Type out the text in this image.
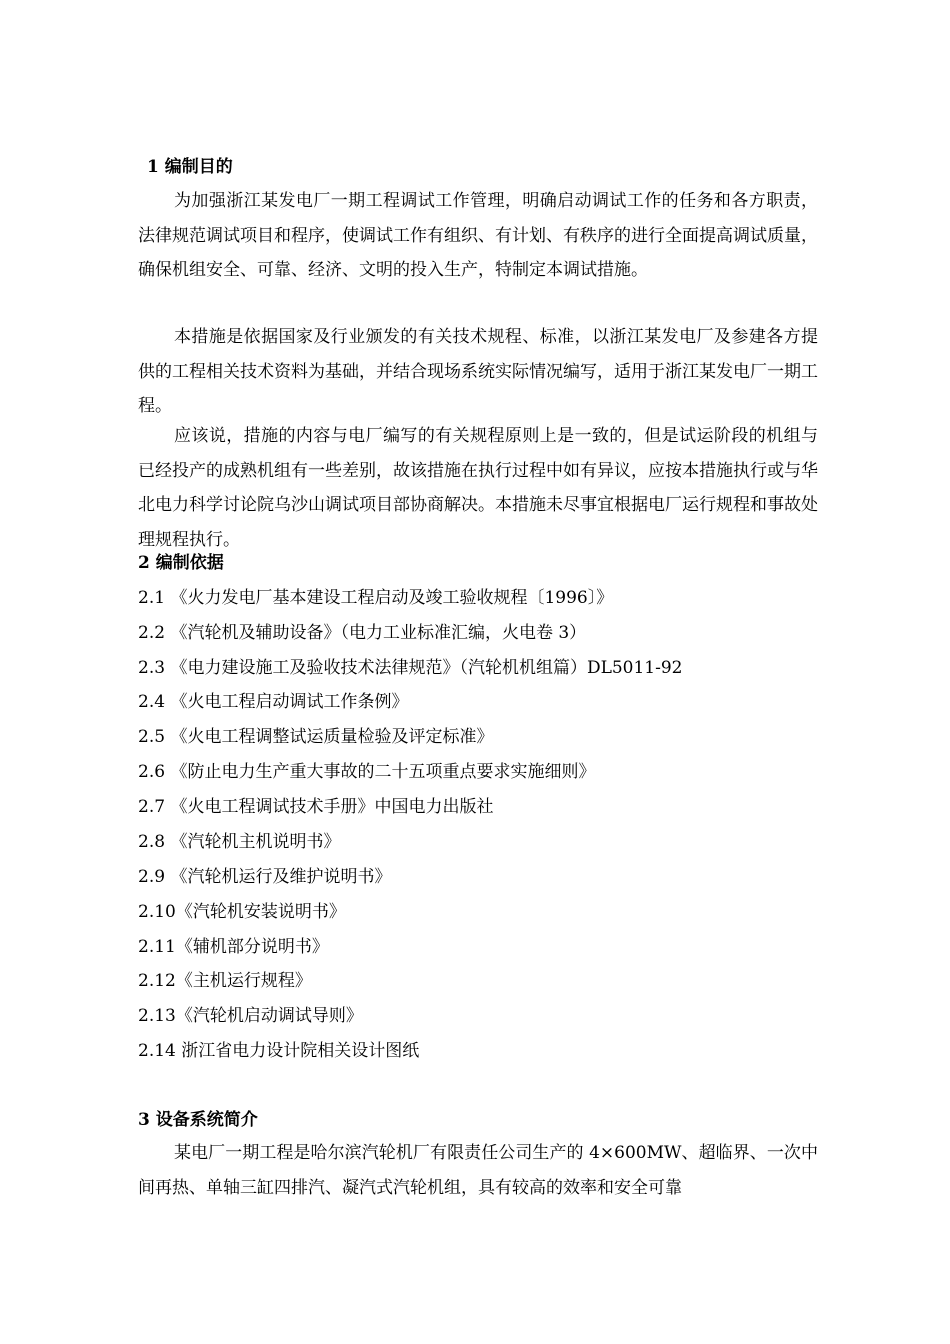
1 编制目的
为加强浙江某发电厂一期工程调试工作管理，明确启动调试工作的任务和各方职责，法律规范调试项目和程序，使调试工作有组织、有计划、有秩序的进行全面提高调试质量，确保机组安全、可靠、经济、文明的投入生产，特制定本调试措施。
本措施是依据国家及行业颁发的有关技术规程、标准，以浙江某发电厂及参建各方提供的工程相关技术资料为基础，并结合现场系统实际情况编写，适用于浙江某发电厂一期工程。
应该说，措施的内容与电厂编写的有关规程原则上是一致的，但是试运阶段的机组与已经投产的成熟机组有一些差别，故该措施在执行过程中如有异议，应按本措施执行或与华北电力科学讨论院乌沙山调试项目部协商解决。本措施未尽事宜根据电厂运行规程和事故处理规程执行。
2 编制依据
2.1 《火力发电厂基本建设工程启动及竣工验收规程〔1996〕》
2.2 《汽轮机及辅助设备》（电力工业标准汇编，火电卷 3）
2.3 《电力建设施工及验收技术法律规范》（汽轮机机组篇）DL5011-92
2.4 《火电工程启动调试工作条例》
2.5 《火电工程调整试运质量检验及评定标准》
2.6 《防止电力生产重大事故的二十五项重点要求实施细则》
2.7 《火电工程调试技术手册》中国电力出版社
2.8 《汽轮机主机说明书》
2.9 《汽轮机运行及维护说明书》
2.10《汽轮机安装说明书》
2.11《辅机部分说明书》
2.12《主机运行规程》
2.13《汽轮机启动调试导则》
2.14 浙江省电力设计院相关设计图纸
3 设备系统简介
某电厂一期工程是哈尔滨汽轮机厂有限责任公司生产的 4×600MW、超临界、一次中间再热、单轴三缸四排汽、凝汽式汽轮机组，具有较高的效率和安全可靠
